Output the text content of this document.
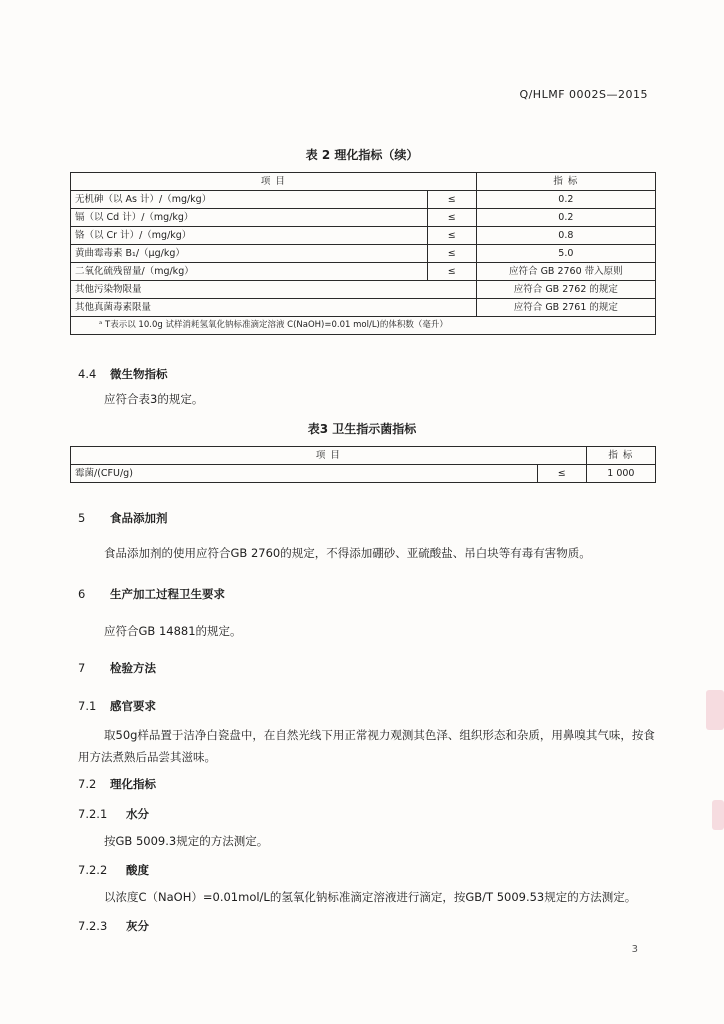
Q/HLMF 0002S—2015
表 2 理化指标（续）
项 目		指 标
无机砷（以 As 计）/（mg/kg）	≤	0.2
镉（以 Cd 计）/（mg/kg）	≤	0.2
铬（以 Cr 计）/（mg/kg）	≤	0.8
黄曲霉毒素 B₁/（μg/kg）	≤	5.0
二氧化硫残留量/（mg/kg）	≤	应符合 GB 2760 带入原则
其他污染物限量		应符合 GB 2762 的规定
其他真菌毒素限量		应符合 GB 2761 的规定
ᵃ T表示以 10.0g 试样消耗氢氧化钠标准滴定溶液 C(NaOH)=0.01 mol/L)的体积数（毫升）		
4.4 微生物指标
应符合表3的规定。
表3 卫生指示菌指标
项 目		指 标
霉菌/(CFU/g)	≤	1 000
5 食品添加剂
食品添加剂的使用应符合GB 2760的规定，不得添加硼砂、亚硫酸盐、吊白块等有毒有害物质。
6 生产加工过程卫生要求
应符合GB 14881的规定。
7 检验方法
7.1 感官要求
取50g样品置于洁净白瓷盘中，在自然光线下用正常视力观测其色泽、组织形态和杂质，用鼻嗅其气味，按食用方法煮熟后品尝其滋味。
7.2 理化指标
7.2.1 水分
按GB 5009.3规定的方法测定。
7.2.2 酸度
以浓度C（NaOH）=0.01mol/L的氢氧化钠标准滴定溶液进行滴定，按GB/T 5009.53规定的方法测定。
7.2.3 灰分
3
